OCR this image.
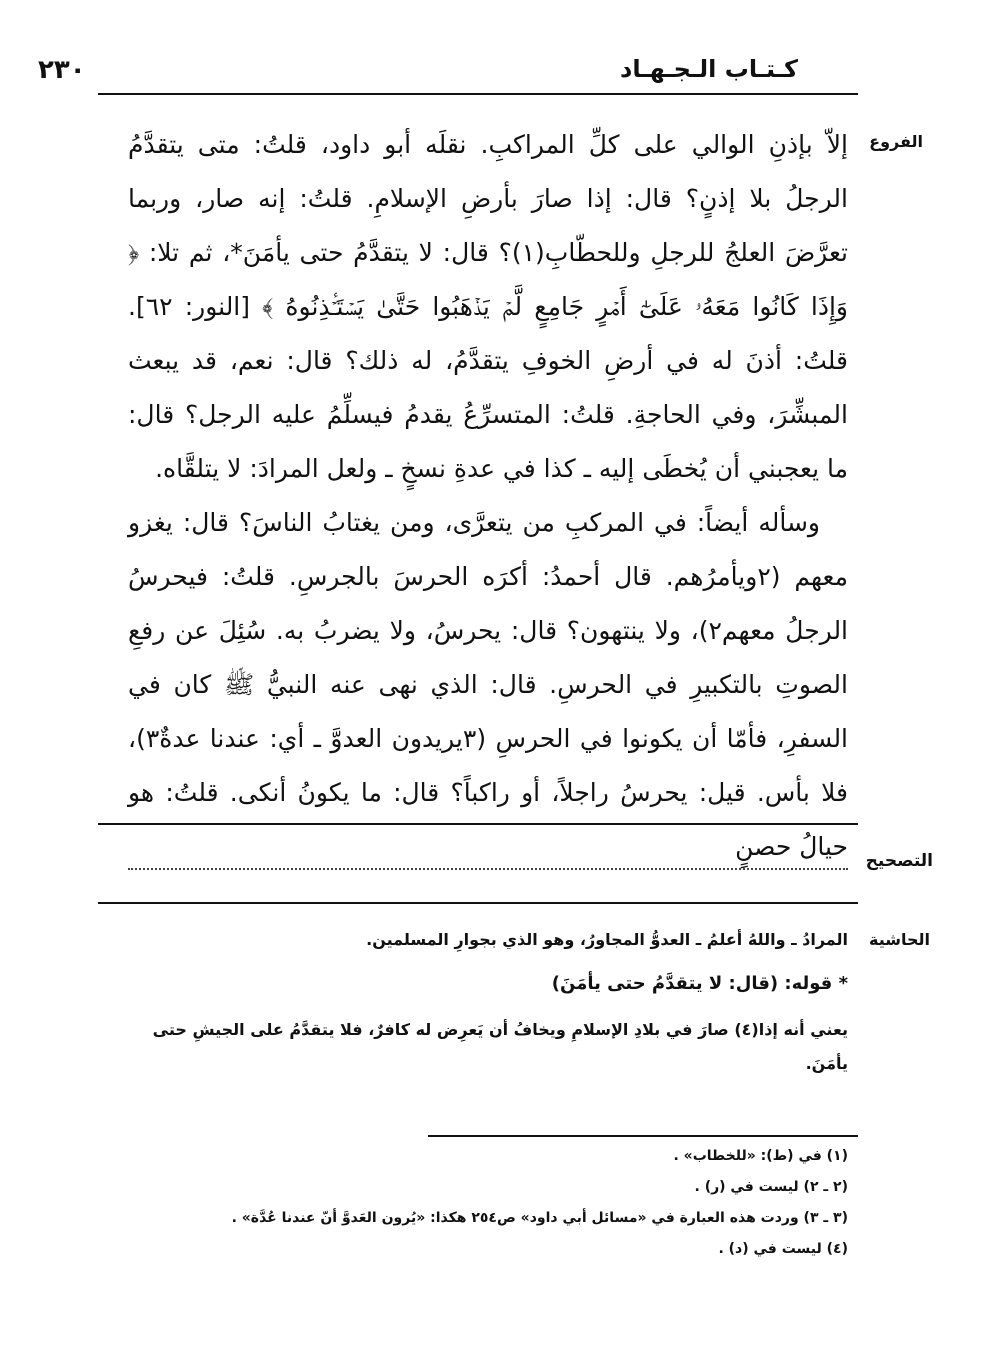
كـتـاب الـجـهـاد
٢٣٠
الفروع

إلاّ بإذنِ الوالي على كلِّ المراكبِ. نقلَه أبو داود، قلتُ: متى يتقدَّمُ الرجلُ بلا إذنٍ؟ قال: إذا صارَ بأرضِ الإسلامِ. قلتُ: إنه صار، وربما تعرَّضَ العلجُ للرجلِ وللحطّابِ(١)؟ قال: لا يتقدَّمُ حتى يأمَنَ*، ثم تلا: ﴿ وَإِذَا كَانُوا مَعَهُۥ عَلَىٰٓ أَمۡرٍ جَامِعٍ لَّمۡ يَذۡهَبُوا حَتَّىٰ يَسۡتَـٔۡذِنُوهُ ﴾ [النور: ٦٢]. قلتُ: أذنَ له في أرضِ الخوفِ يتقدَّمُ، له ذلك؟ قال: نعم، قد يبعث المبشِّرَ، وفي الحاجةِ. قلتُ: المتسرِّعُ يقدمُ فيسلِّمُ عليه الرجل؟ قال: ما يعجبني أن يُخطَى إليه ـ كذا في عدةِ نسخٍ ـ ولعل المرادَ: لا يتلقَّاه.

وسأله أيضاً: في المركبِ من يتعرَّى، ومن يغتابُ الناسَ؟ قال: يغزو معهم (٢ويأمرُهم. قال أحمدُ: أكرَه الحرسَ بالجرسِ. قلتُ: فيحرسُ الرجلُ معهم٢)، ولا ينتهون؟ قال: يحرسُ، ولا يضربُ به. سُئِلَ عن رفعِ الصوتِ بالتكبيرِ في الحرسِ. قال: الذي نهى عنه النبيُّ ﷺ كان في السفرِ، فأمّا أن يكونوا في الحرسِ (٣يريدون العدوَّ ـ أي: عندنا عدةٌ٣)، فلا بأس. قيل: يحرسُ راجلاً، أو راكباً؟ قال: ما يكونُ أنكى. قلتُ: هو حيالُ حصنٍ التصحيح
الحاشية

المرادُ ـ واللهُ أعلمُ ـ العدوُّ المجاورُ، وهو الذي بجوارِ المسلمين.

* قوله: (قال: لا يتقدَّمُ حتى يأمَنَ)

يعني أنه إذا(٤) صارَ في بلادِ الإسلامِ ويخافُ أن يَعرِض له كافرٌ، فلا يتقدَّمُ على الجيشِ حتى يأمَنَ.

(١) في (ط): «للخطاب» .
(٢ ـ ٢) ليست في (ر) .
(٣ ـ ٣) وردت هذه العبارة في «مسائل أبي داود» ص٢٥٤ هكذا: «يُرون العَدوَّ أنّ عندنا عُدَّة» .
(٤) ليست في (د) .
